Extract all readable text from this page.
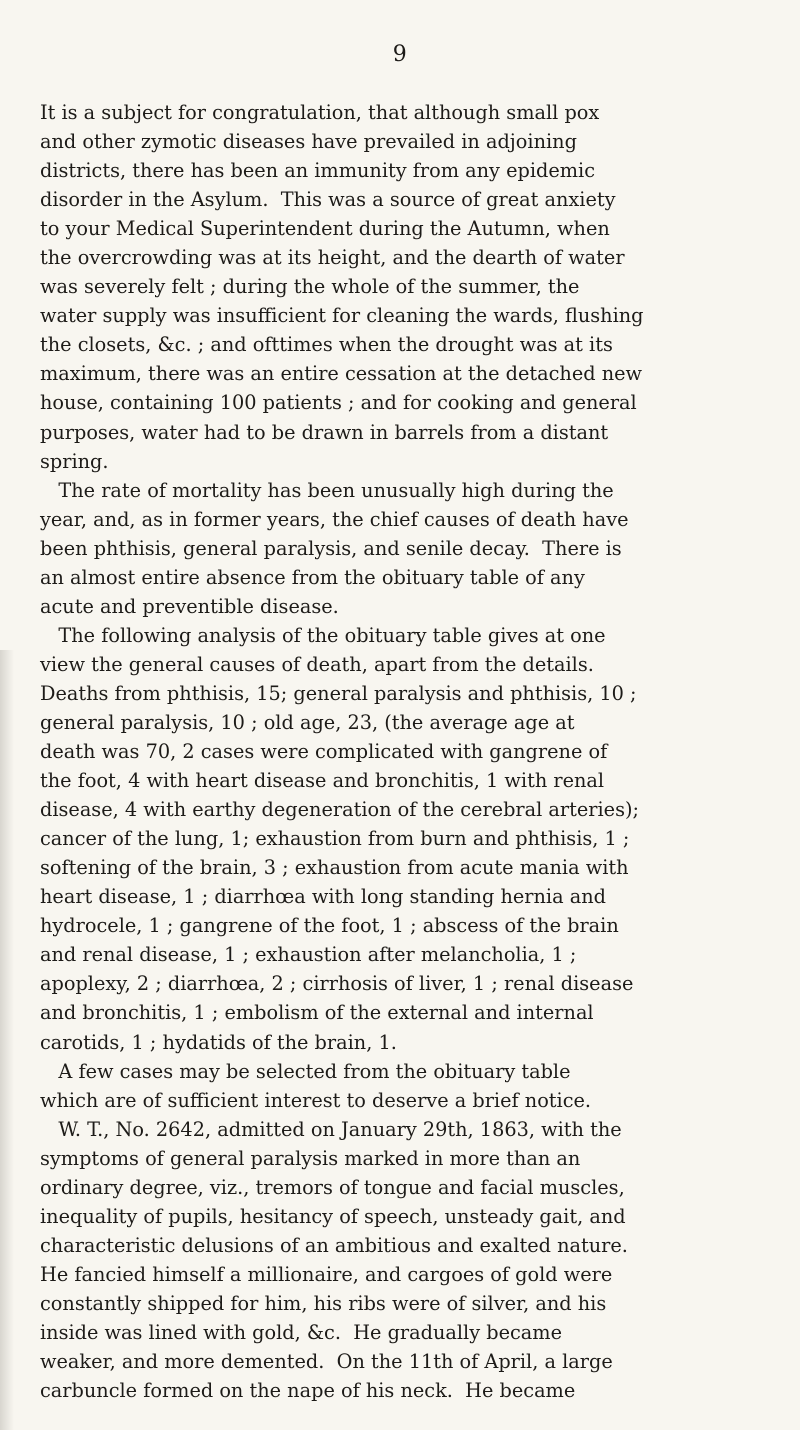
9
It is a subject for congratulation, that although small pox
and other zymotic diseases have prevailed in adjoining
districts, there has been an immunity from any epidemic
disorder in the Asylum.  This was a source of great anxiety
to your Medical Superintendent during the Autumn, when
the overcrowding was at its height, and the dearth of water
was severely felt ; during the whole of the summer, the
water supply was insufficient for cleaning the wards, flushing
the closets, &c. ; and ofttimes when the drought was at its
maximum, there was an entire cessation at the detached new
house, containing 100 patients ; and for cooking and general
purposes, water had to be drawn in barrels from a distant
spring.
The rate of mortality has been unusually high during the
year, and, as in former years, the chief causes of death have
been phthisis, general paralysis, and senile decay.  There is
an almost entire absence from the obituary table of any
acute and preventible disease.
The following analysis of the obituary table gives at one
view the general causes of death, apart from the details.
Deaths from phthisis, 15; general paralysis and phthisis, 10 ;
general paralysis, 10 ; old age, 23, (the average age at
death was 70, 2 cases were complicated with gangrene of
the foot, 4 with heart disease and bronchitis, 1 with renal
disease, 4 with earthy degeneration of the cerebral arteries);
cancer of the lung, 1; exhaustion from burn and phthisis, 1 ;
softening of the brain, 3 ; exhaustion from acute mania with
heart disease, 1 ; diarrhœa with long standing hernia and
hydrocele, 1 ; gangrene of the foot, 1 ; abscess of the brain
and renal disease, 1 ; exhaustion after melancholia, 1 ;
apoplexy, 2 ; diarrhœa, 2 ; cirrhosis of liver, 1 ; renal disease
and bronchitis, 1 ; embolism of the external and internal
carotids, 1 ; hydatids of the brain, 1.
A few cases may be selected from the obituary table
which are of sufficient interest to deserve a brief notice.
W. T., No. 2642, admitted on January 29th, 1863, with the
symptoms of general paralysis marked in more than an
ordinary degree, viz., tremors of tongue and facial muscles,
inequality of pupils, hesitancy of speech, unsteady gait, and
characteristic delusions of an ambitious and exalted nature.
He fancied himself a millionaire, and cargoes of gold were
constantly shipped for him, his ribs were of silver, and his
inside was lined with gold, &c.  He gradually became
weaker, and more demented.  On the 11th of April, a large
carbuncle formed on the nape of his neck.  He became
